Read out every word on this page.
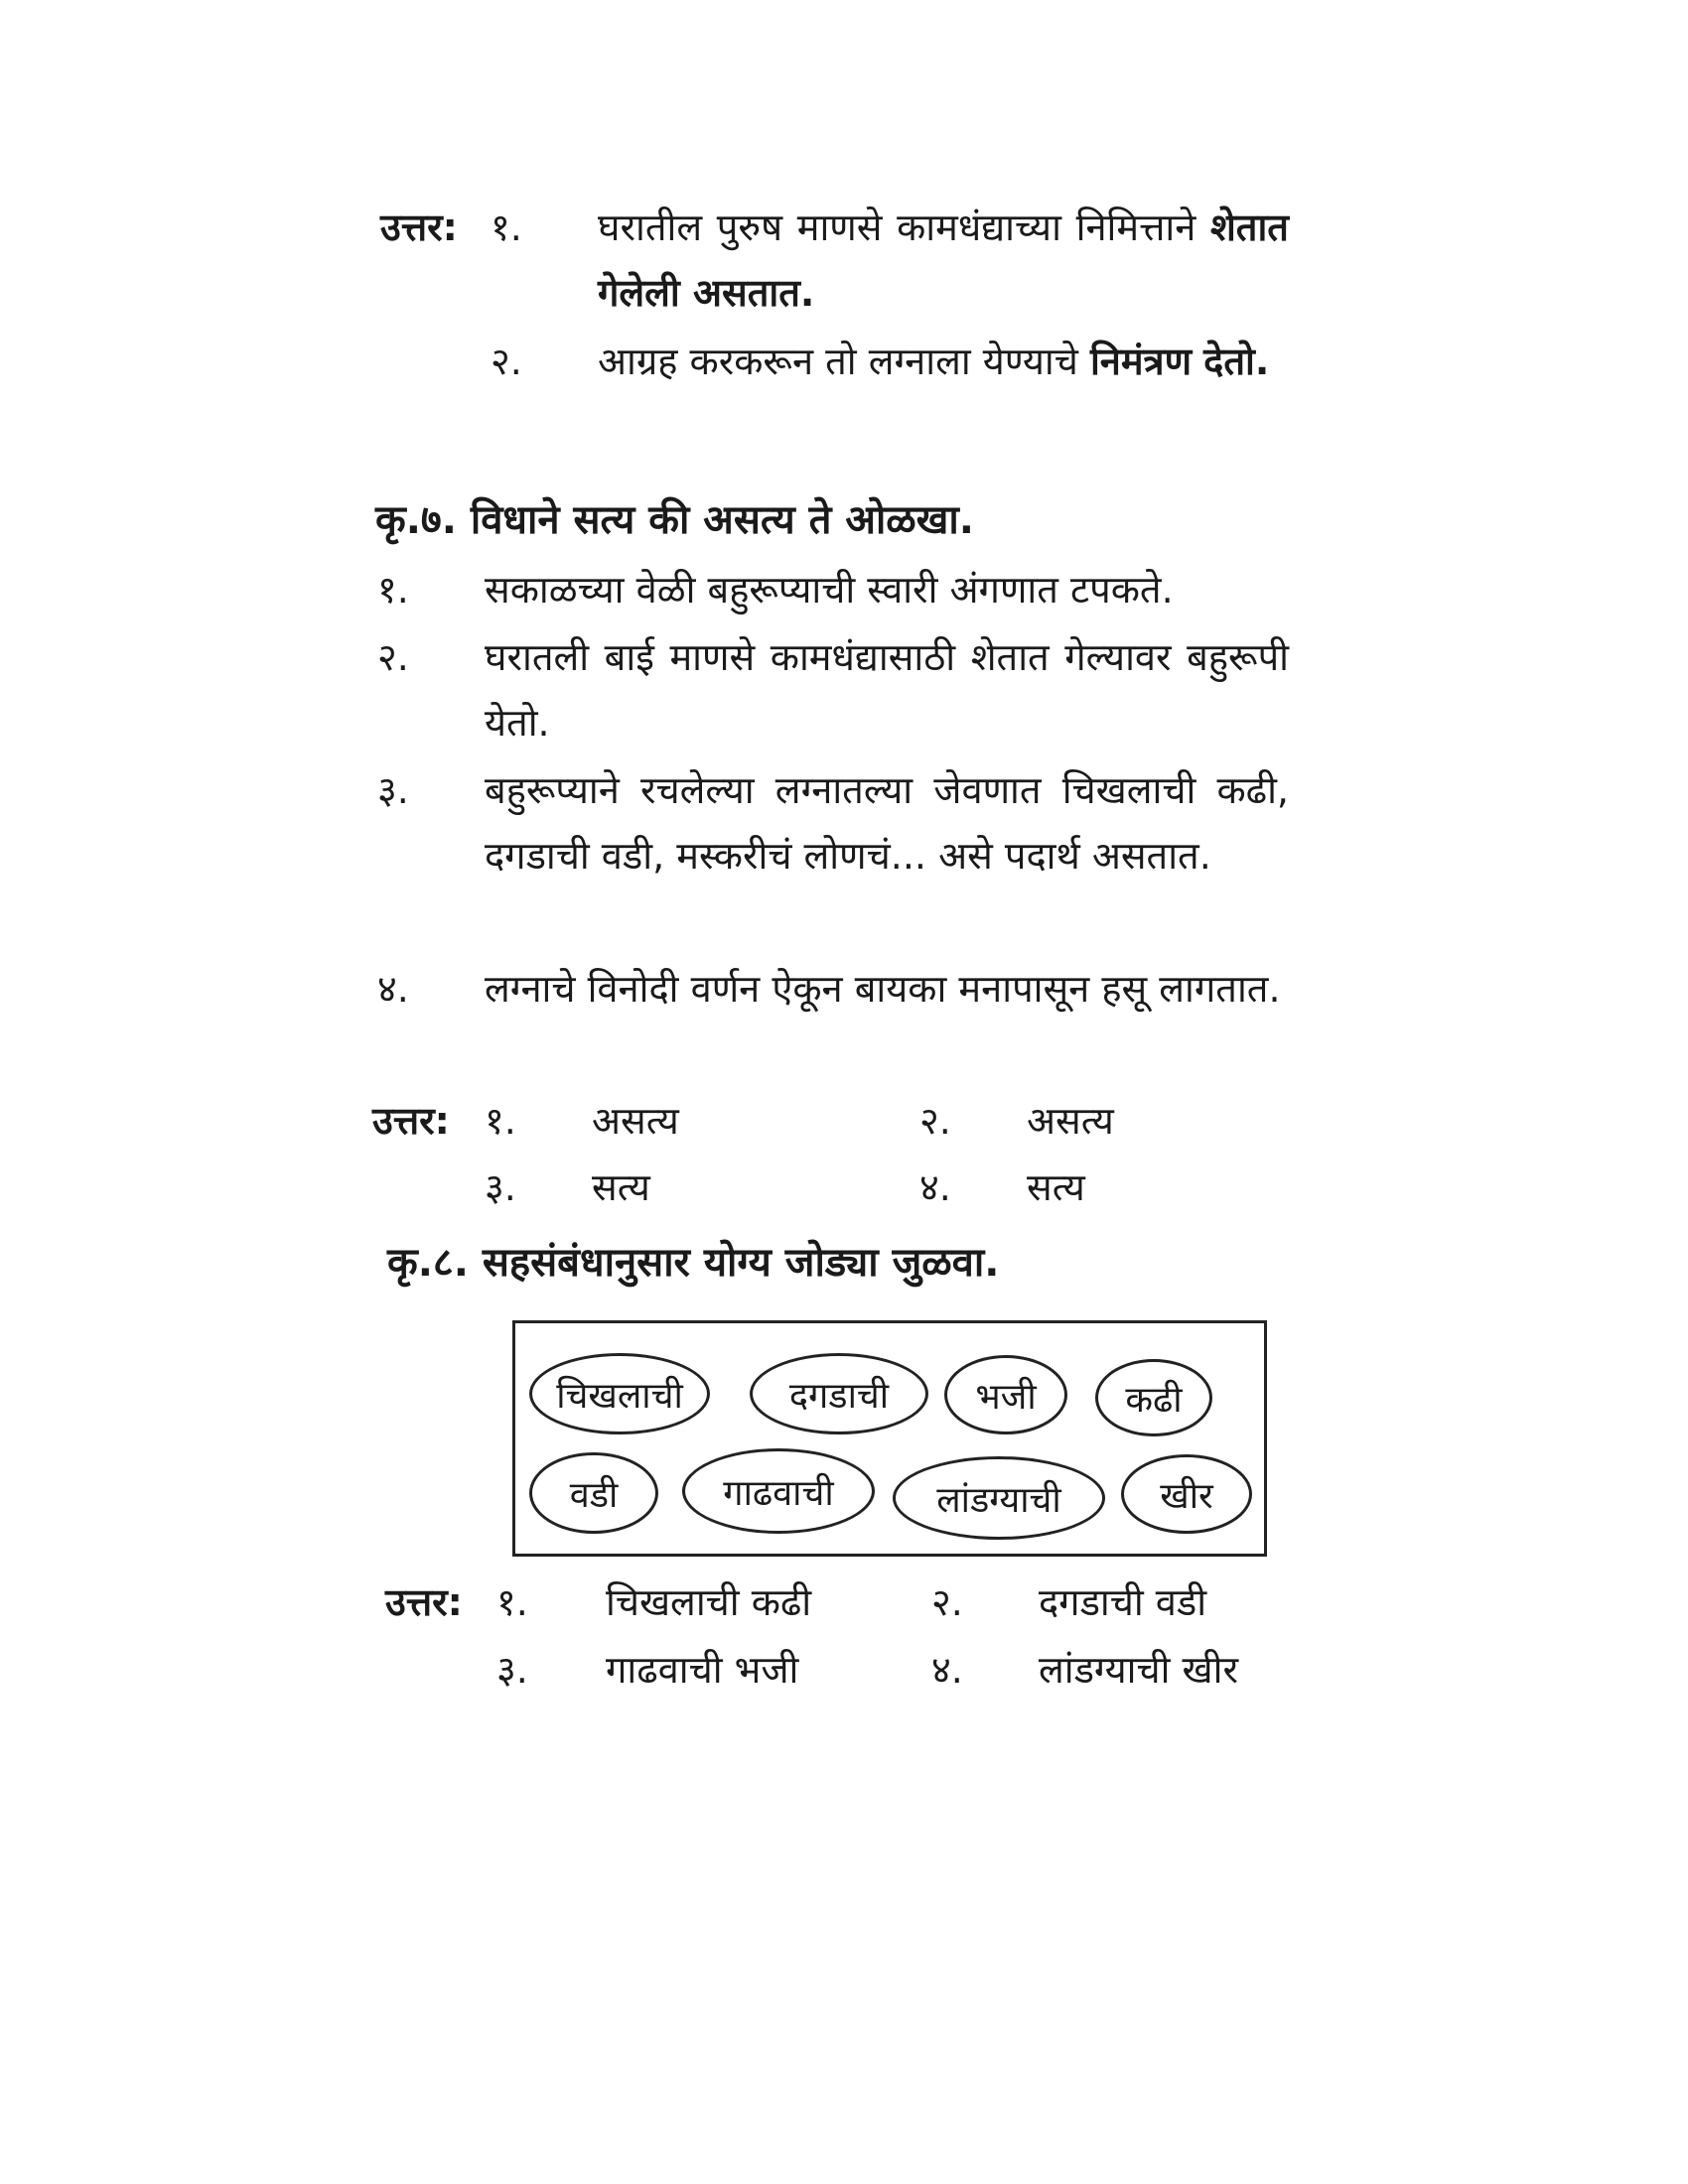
उत्तर: १. घरातील पुरुष माणसे कामधंद्याच्या निमित्ताने शेतात गेलेली असतात.
२. आग्रह करकरून तो लग्नाला येण्याचे निमंत्रण देतो.
कृ.७. विधाने सत्य की असत्य ते ओळखा.
१. सकाळच्या वेळी बहुरूप्याची स्वारी अंगणात टपकते.
२. घरातली बाई माणसे कामधंद्यासाठी शेतात गेल्यावर बहुरूपी येतो.
३. बहुरूप्याने रचलेल्या लग्नातल्या जेवणात चिखलाची कढी, दगडाची वडी, मस्करीचं लोणचं... असे पदार्थ असतात.
४. लग्नाचे विनोदी वर्णन ऐकून बायका मनापासून हसू लागतात.
उत्तर: १. असत्य	२. असत्य
३. सत्य	४. सत्य
कृ.८. सहसंबंधानुसार योग्य जोड्या जुळवा.
चिखलाची	दगडाची	भजी	कढी
वडी	गाढवाची	लांडग्याची	खीर
उत्तर: १. चिखलाची कढी	२. दगडाची वडी
३. गाढवाची भजी	४. लांडग्याची खीर
